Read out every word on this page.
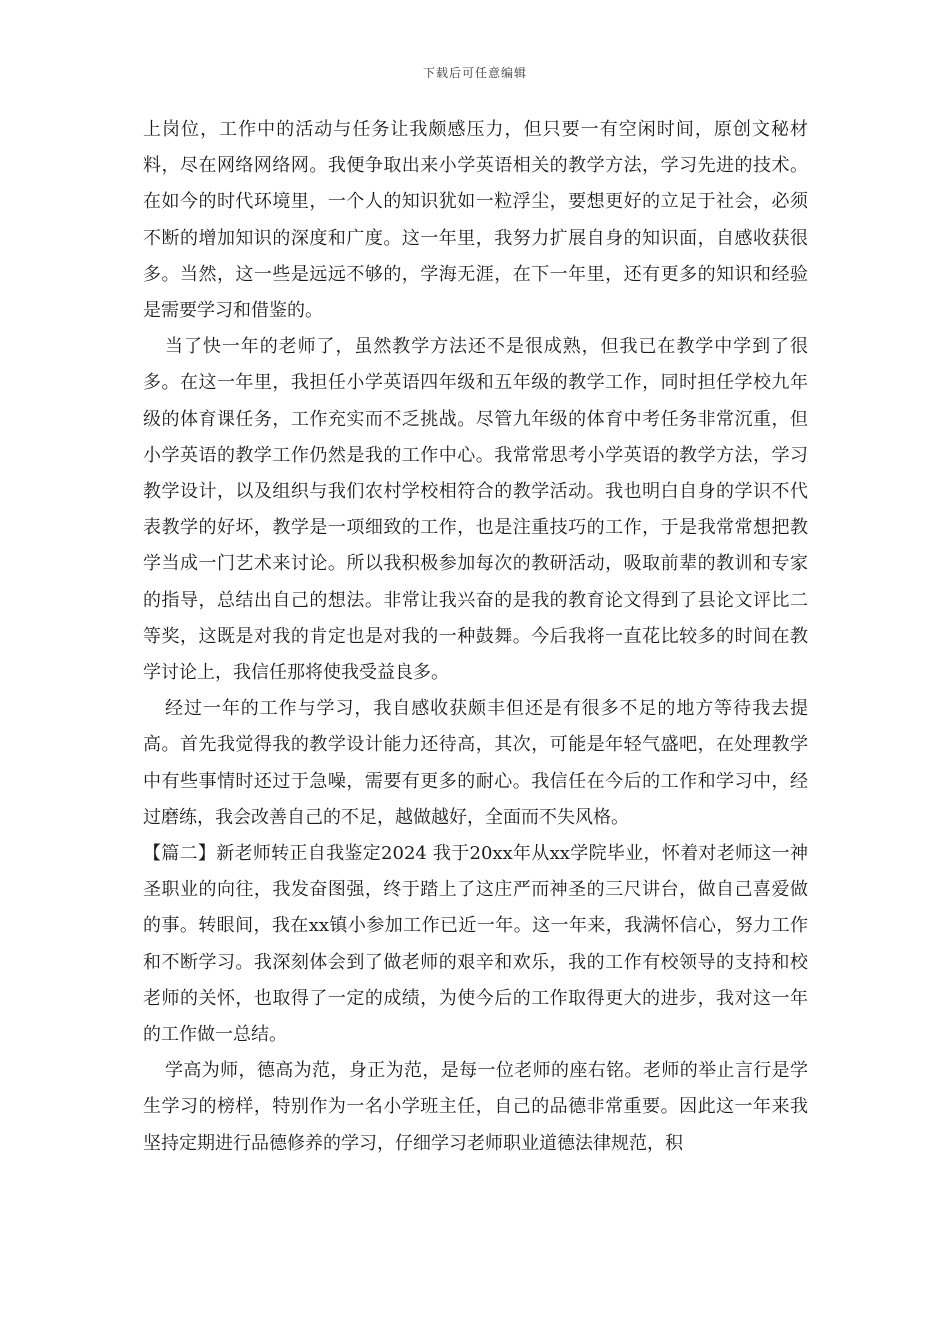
下载后可任意编辑

上岗位，工作中的活动与任务让我颇感压力，但只要一有空闲时间，原创文秘材料，尽在网络网络网。我便争取出来小学英语相关的教学方法，学习先进的技术。在如今的时代环境里，一个人的知识犹如一粒浮尘，要想更好的立足于社会，必须不断的增加知识的深度和广度。这一年里，我努力扩展自身的知识面，自感收获很多。当然，这一些是远远不够的，学海无涯，在下一年里，还有更多的知识和经验是需要学习和借鉴的。

当了快一年的老师了，虽然教学方法还不是很成熟，但我已在教学中学到了很多。在这一年里，我担任小学英语四年级和五年级的教学工作，同时担任学校九年级的体育课任务，工作充实而不乏挑战。尽管九年级的体育中考任务非常沉重，但小学英语的教学工作仍然是我的工作中心。我常常思考小学英语的教学方法，学习教学设计，以及组织与我们农村学校相符合的教学活动。我也明白自身的学识不代表教学的好坏，教学是一项细致的工作，也是注重技巧的工作，于是我常常想把教学当成一门艺术来讨论。所以我积极参加每次的教研活动，吸取前辈的教训和专家的指导，总结出自己的想法。非常让我兴奋的是我的教育论文得到了县论文评比二等奖，这既是对我的肯定也是对我的一种鼓舞。今后我将一直花比较多的时间在教学讨论上，我信任那将使我受益良多。

经过一年的工作与学习，我自感收获颇丰但还是有很多不足的地方等待我去提高。首先我觉得我的教学设计能力还待高，其次，可能是年轻气盛吧，在处理教学中有些事情时还过于急噪，需要有更多的耐心。我信任在今后的工作和学习中，经过磨练，我会改善自己的不足，越做越好，全面而不失风格。

【篇二】新老师转正自我鉴定2024 我于20xx年从xx学院毕业，怀着对老师这一神圣职业的向往，我发奋图强，终于踏上了这庄严而神圣的三尺讲台，做自己喜爱做的事。转眼间，我在xx镇小参加工作已近一年。这一年来，我满怀信心，努力工作和不断学习。我深刻体会到了做老师的艰辛和欢乐，我的工作有校领导的支持和校老师的关怀，也取得了一定的成绩，为使今后的工作取得更大的进步，我对这一年的工作做一总结。

学高为师，德高为范，身正为范，是每一位老师的座右铭。老师的举止言行是学生学习的榜样，特别作为一名小学班主任，自己的品德非常重要。因此这一年来我坚持定期进行品德修养的学习，仔细学习老师职业道德法律规范，积
